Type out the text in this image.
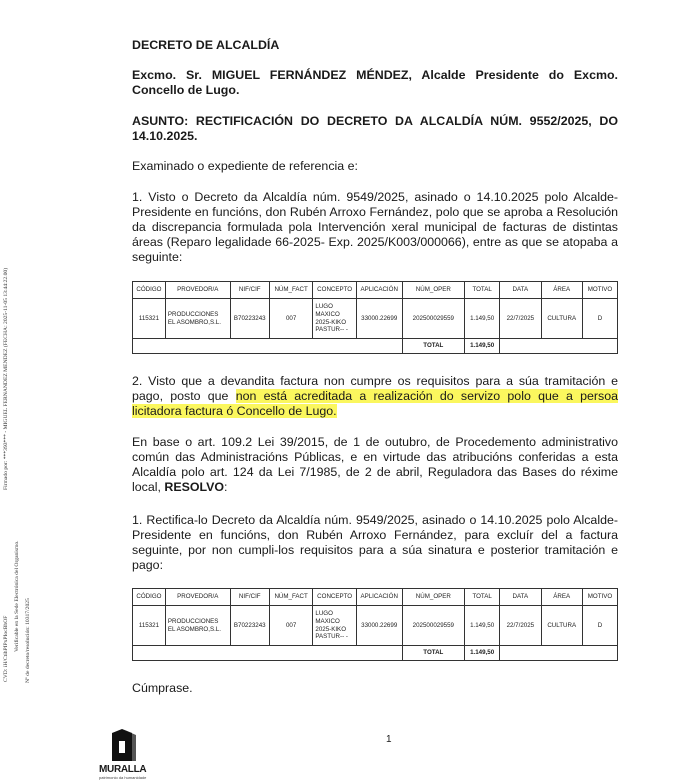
Firmado por: ***393*** - MIGUEL FERNANDEZ MENDEZ (FECHA: 2025-11-05 13:44:22.00)
CVD: iH/CtihPIPxPIocBhOF Verificable en la Sede Electrónica del Organismo. Nº de decreto/resolución: 10317/2025

DECRETO DE ALCALDÍA

Excmo. Sr. MIGUEL FERNÁNDEZ MÉNDEZ, Alcalde Presidente do Excmo. Concello de Lugo.

ASUNTO: RECTIFICACIÓN DO DECRETO DA ALCALDÍA NÚM. 9552/2025, DO 14.10.2025.

Examinado o expediente de referencia e:

1. Visto o Decreto da Alcaldía núm. 9549/2025, asinado o 14.10.2025 polo Alcalde-Presidente en funcións, don Rubén Arroxo Fernández, polo que se aproba a Resolución da discrepancia formulada pola Intervención xeral municipal de facturas de distintas áreas (Reparo legalidade 66-2025- Exp. 2025/K003/000066), entre as que se atopaba a seguinte:

CÓDIGO	PROVEDOR/A	NIF/CIF	NÚM_FACT	CONCEPTO	APLICACIÓN	NÚM_OPER	TOTAL	DATA	ÁREA	MOTIVO
115321	PRODUCCIONES EL ASOMBRO,S.L.	B70223243	007	LUGO MAXICO 2025-KIKO PASTUR-- -	33000.22699	202500029559	1.149,50	22/7/2025	CULTURA	D
						TOTAL	1.149,50			

2. Visto que a devandita factura non cumpre os requisitos para a súa tramitación e pago, posto que non está acreditada a realización do servizo polo que a persoa licitadora factura ó Concello de Lugo.

En base o art. 109.2 Lei 39/2015, de 1 de outubro, de Procedemento administrativo común das Administracións Públicas, e en virtude das atribucións conferidas a esta Alcaldía polo art. 124 da Lei 7/1985, de 2 de abril, Reguladora das Bases do réxime local, RESOLVO:

1. Rectifica-lo Decreto da Alcaldía núm. 9549/2025, asinado o 14.10.2025 polo Alcalde-Presidente en funcións, don Rubén Arroxo Fernández, para excluír del a factura seguinte, por non cumpli-los requisitos para a súa sinatura e posterior tramitación e pago:

CÓDIGO	PROVEDOR/A	NIF/CIF	NÚM_FACT	CONCEPTO	APLICACIÓN	NÚM_OPER	TOTAL	DATA	ÁREA	MOTIVO
115321	PRODUCCIONES EL ASOMBRO,S.L.	B70223243	007	LUGO MAXICO 2025-KIKO PASTUR-- -	33000.22699	202500029559	1.149,50	22/7/2025	CULTURA	D
						TOTAL	1.149,50			

Cúmprase.

1
MURALLA
patrimonio da humanidade
